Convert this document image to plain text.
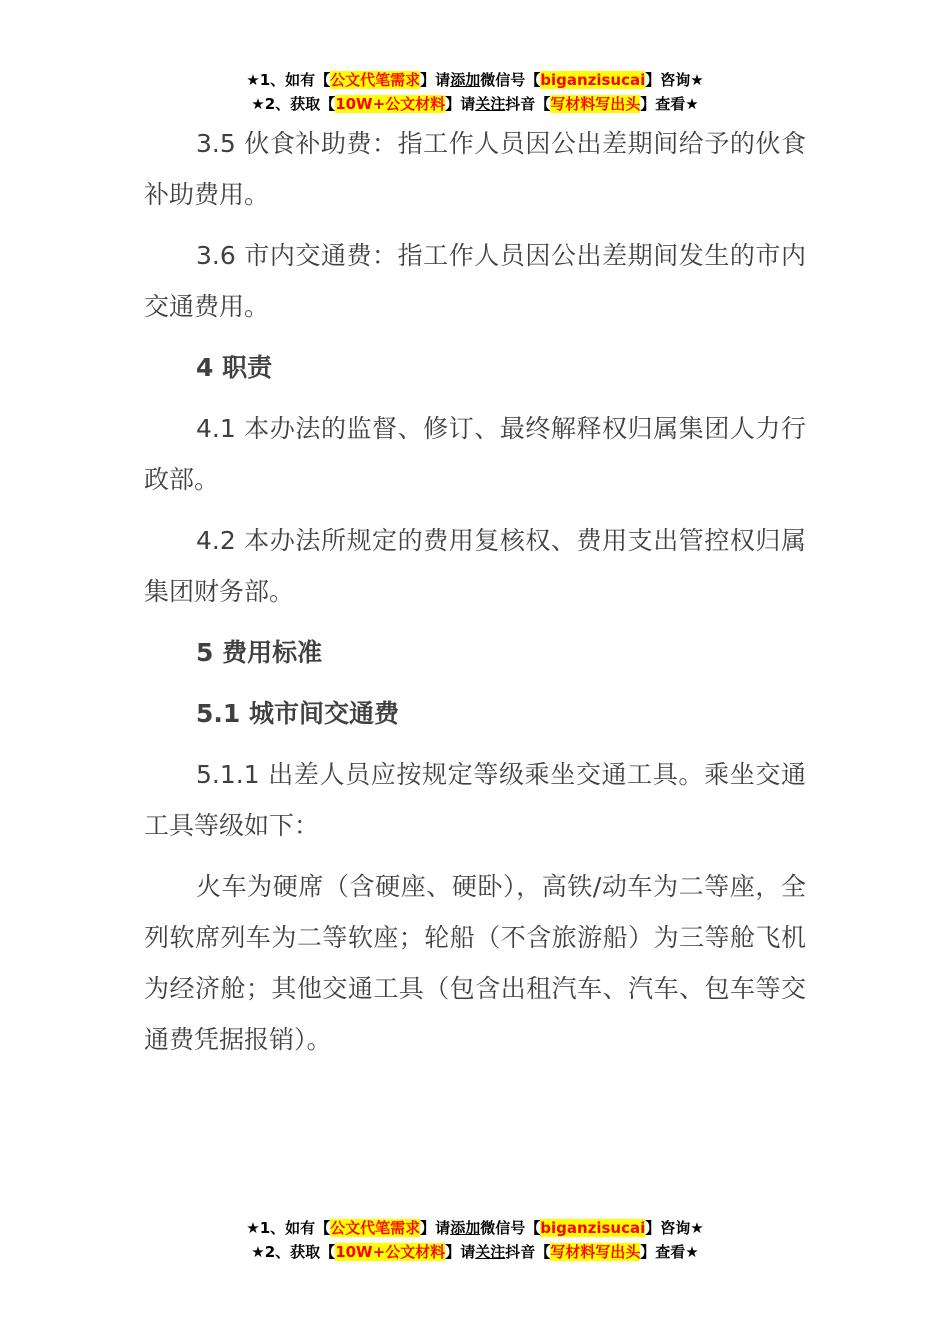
★1、如有【公文代笔需求】请添加微信号【biganzisucai】咨询★
★2、获取【10W+公文材料】请关注抖音【写材料写出头】查看★

3.5 伙食补助费：指工作人员因公出差期间给予的伙食补助费用。

3.6 市内交通费：指工作人员因公出差期间发生的市内交通费用。

4 职责

4.1 本办法的监督、修订、最终解释权归属集团人力行政部。

4.2 本办法所规定的费用复核权、费用支出管控权归属集团财务部。

5 费用标准

5.1 城市间交通费

5.1.1 出差人员应按规定等级乘坐交通工具。乘坐交通工具等级如下：

火车为硬席（含硬座、硬卧），高铁/动车为二等座，全列软席列车为二等软座；轮船（不含旅游船）为三等舱飞机为经济舱；其他交通工具（包含出租汽车、汽车、包车等交通费凭据报销）。

★1、如有【公文代笔需求】请添加微信号【biganzisucai】咨询★
★2、获取【10W+公文材料】请关注抖音【写材料写出头】查看★
